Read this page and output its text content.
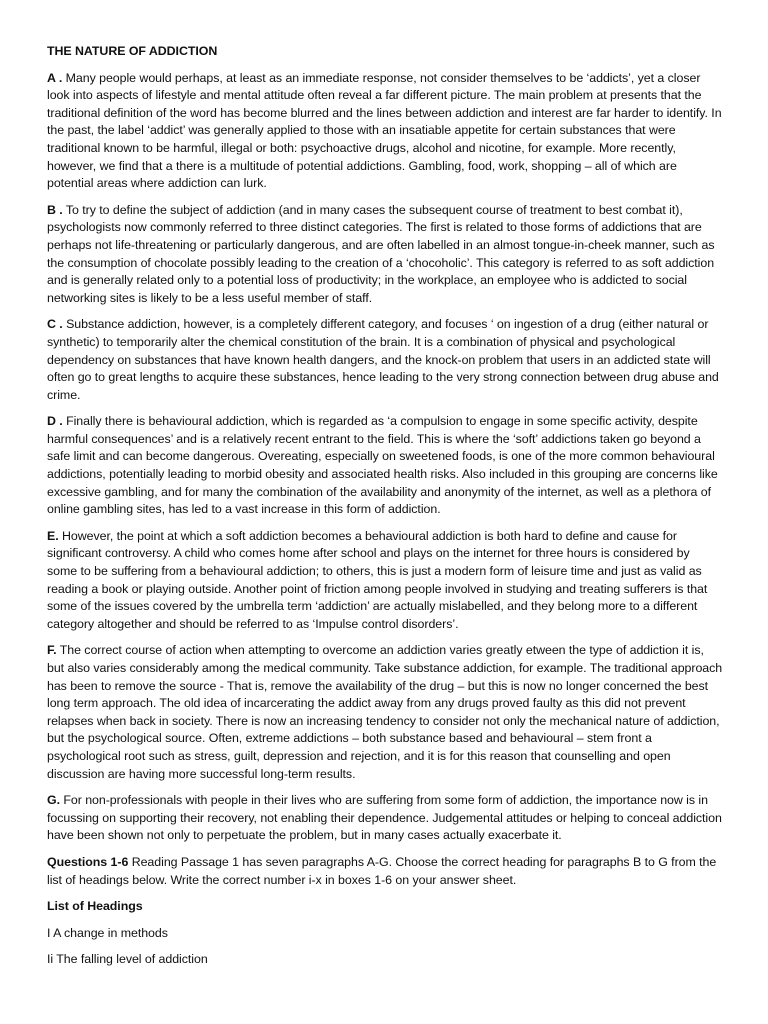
THE NATURE OF ADDICTION
A . Many people would perhaps, at least as an immediate response, not consider themselves to be ‘addicts’, yet a closer look into aspects of lifestyle and mental attitude often reveal a far different picture. The main problem at presents that the traditional definition of the word has become blurred and the lines between addiction and interest are far harder to identify. In the past, the label ‘addict’ was generally applied to those with an insatiable appetite for certain substances that were traditional known to be harmful, illegal or both: psychoactive drugs, alcohol and nicotine, for example. More recently, however, we find that a there is a multitude of potential addictions. Gambling, food, work, shopping – all of which are potential areas where addiction can lurk.
B . To try to define the subject of addiction (and in many cases the subsequent course of treatment to best combat it), psychologists now commonly referred to three distinct categories. The first is related to those forms of addictions that are perhaps not life-threatening or particularly dangerous, and are often labelled in an almost tongue-in-cheek manner, such as the consumption of chocolate possibly leading to the creation of a ‘chocoholic’. This category is referred to as soft addiction and is generally related only to a potential loss of productivity; in the workplace, an employee who is addicted to social networking sites is likely to be a less useful member of staff.
C . Substance addiction, however, is a completely different category, and focuses ‘ on ingestion of a drug (either natural or synthetic) to temporarily alter the chemical constitution of the brain. It is a combination of physical and psychological dependency on substances that have known health dangers, and the knock-on problem that users in an addicted state will often go to great lengths to acquire these substances, hence leading to the very strong connection between drug abuse and crime.
D . Finally there is behavioural addiction, which is regarded as ‘a compulsion to engage in some specific activity, despite harmful consequences’ and is a relatively recent entrant to the field. This is where the ‘soft’ addictions taken go beyond a safe limit and can become dangerous. Overeating, especially on sweetened foods, is one of the more common behavioural addictions, potentially leading to morbid obesity and associated health risks. Also included in this grouping are concerns like excessive gambling, and for many the combination of the availability and anonymity of the internet, as well as a plethora of online gambling sites, has led to a vast increase in this form of addiction.
E. However, the point at which a soft addiction becomes a behavioural addiction is both hard to define and cause for significant controversy. A child who comes home after school and plays on the internet for three hours is considered by some to be suffering from a behavioural addiction; to others, this is just a modern form of leisure time and just as valid as reading a book or playing outside. Another point of friction among people involved in studying and treating sufferers is that some of the issues covered by the umbrella term ‘addiction’ are actually mislabelled, and they belong more to a different category altogether and should be referred to as ‘Impulse control disorders’.
F. The correct course of action when attempting to overcome an addiction varies greatly etween the type of addiction it is, but also varies considerably among the medical community. Take substance addiction, for example. The traditional approach has been to remove the source - That is, remove the availability of the drug – but this is now no longer concerned the best long term approach. The old idea of incarcerating the addict away from any drugs proved faulty as this did not prevent relapses when back in society. There is now an increasing tendency to consider not only the mechanical nature of addiction, but the psychological source. Often, extreme addictions – both substance based and behavioural – stem front a psychological root such as stress, guilt, depression and rejection, and it is for this reason that counselling and open discussion are having more successful long-term results.
G. For non-professionals with people in their lives who are suffering from some form of addiction, the importance now is in focussing on supporting their recovery, not enabling their dependence. Judgemental attitudes or helping to conceal addiction have been shown not only to perpetuate the problem, but in many cases actually exacerbate it.
Questions 1-6 Reading Passage 1 has seven paragraphs A-G. Choose the correct heading for paragraphs B to G from the list of headings below. Write the correct number i-x in boxes 1-6 on your answer sheet.
List of Headings
I A change in methods
Ii The falling level of addiction
